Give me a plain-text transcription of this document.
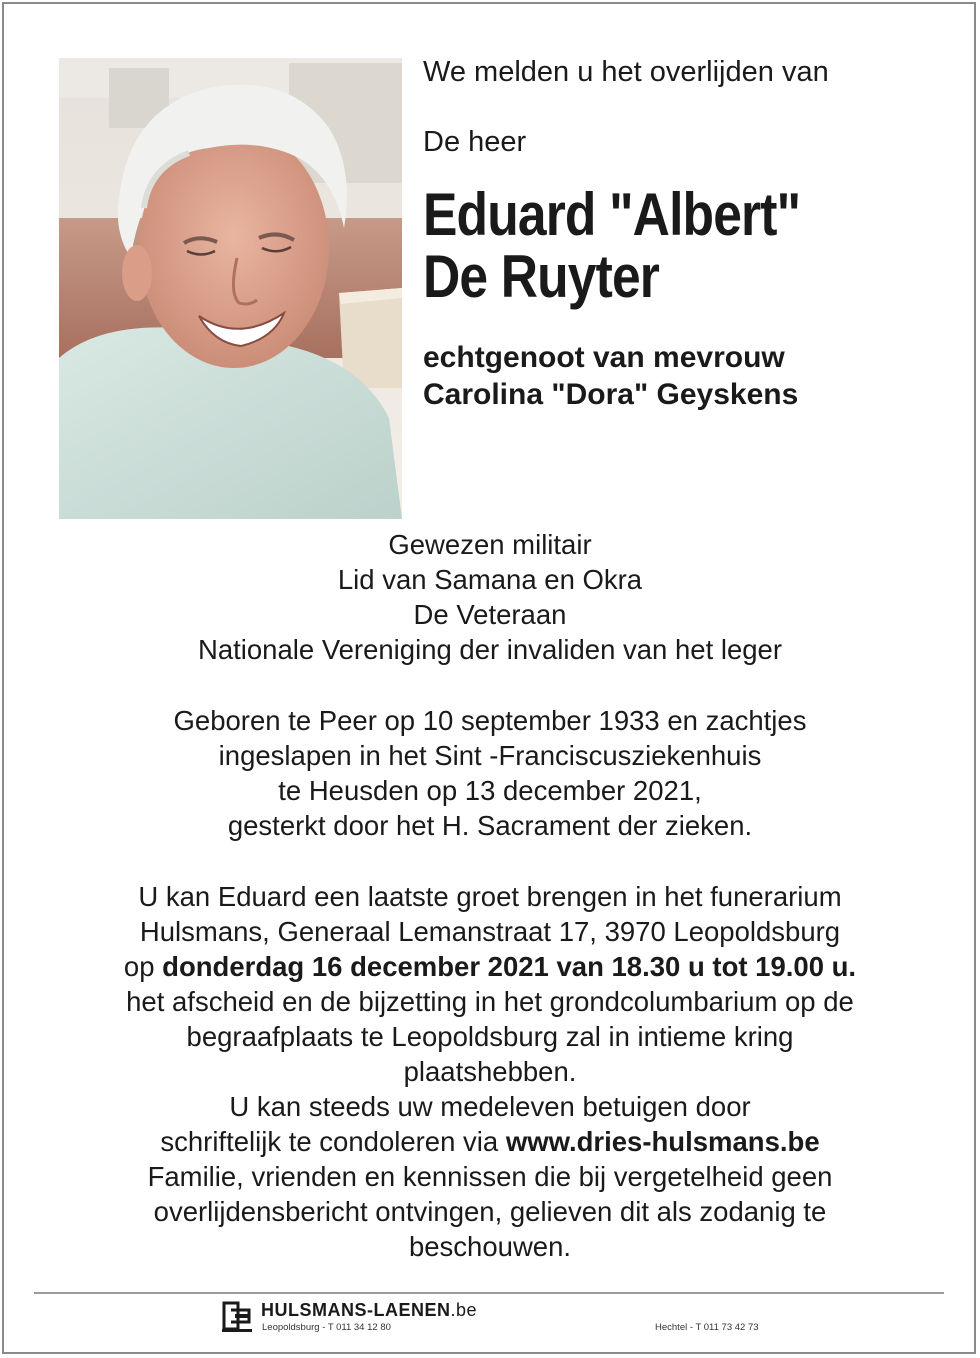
We melden u het overlijden van

De heer

Eduard "Albert"
De Ruyter
echtgenoot van mevrouw
Carolina "Dora" Geyskens
Gewezen militair
Lid van Samana en Okra
De Veteraan
Nationale Vereniging der invaliden van het leger
Geboren te Peer op 10 september 1933 en zachtjes
ingeslapen in het Sint -Franciscusziekenhuis
te Heusden op 13 december 2021,
gesterkt door het H. Sacrament der zieken.
U kan Eduard een laatste groet brengen in het funerarium
Hulsmans, Generaal Lemanstraat 17, 3970 Leopoldsburg
op donderdag 16 december 2021 van 18.30 u tot 19.00 u.
het afscheid en de bijzetting in het grondcolumbarium op de
begraafplaats te Leopoldsburg zal in intieme kring
plaatshebben.
U kan steeds uw medeleven betuigen door
schriftelijk te condoleren via www.dries-hulsmans.be
Familie, vrienden en kennissen die bij vergetelheid geen
overlijdensbericht ontvingen, gelieven dit als zodanig te
beschouwen.
HULSMANS-LAENEN.be
Leopoldsburg - T 011 34 12 80	Hechtel - T 011 73 42 73
